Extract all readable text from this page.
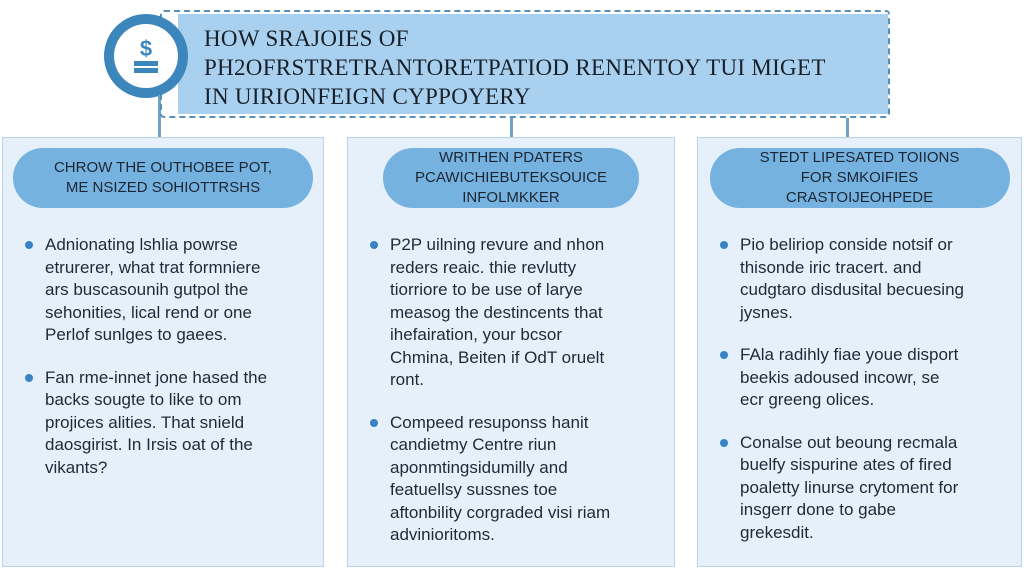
HOW SRAJOIES OF
PH2OFRSTRETRANTORETPATIOD RENENTOY TUI MIGET
IN UIRIONFEIGN CYPPOYERY
$
CHROW THE OUTHOBEE POT,
ME NSIZED SOHIOTTRSHS
Adnionating lshlia powrse
etrurerer, what trat formniere
ars buscasounih gutpol the
sehonities, lical rend or one
Perlof sunlges to gaees.
Fan rme-innet jone hased the
backs sougte to like to om
projices alities. That snield
daosgirist. In Irsis oat of the
vikants?
WRITHEN PDATERS
PCAWICHIEBUTEKSOUICE
INFOLMKKER
P2P uilning revure and nhon
reders reaic. thie revlutty
tiorriore to be use of larye
measog the destincents that
ihefairation, your bcsor
Chmina, Beiten if OdT oruelt
ront.
Compeed resuponss hanit
candietmy Centre riun
aponmtingsidumilly and
featuellsy sussnes toe
aftonbility corgraded visi riam
advinioritoms.
STEDT LIPESATED TOIIONS
FOR SMKOIFIES
CRASTOIJEOHPEDE
Pio beliriop conside notsif or
thisonde iric tracert. and
cudgtaro disdusital becuesing
jysnes.
FAla radihly fiae youe disport
beekis adoused incowr, se
ecr greeng olices.
Conalse out beoung recmala
buelfy sispurine ates of fired
poaletty linurse crytoment for
insgerr done to gabe
grekesdit.
